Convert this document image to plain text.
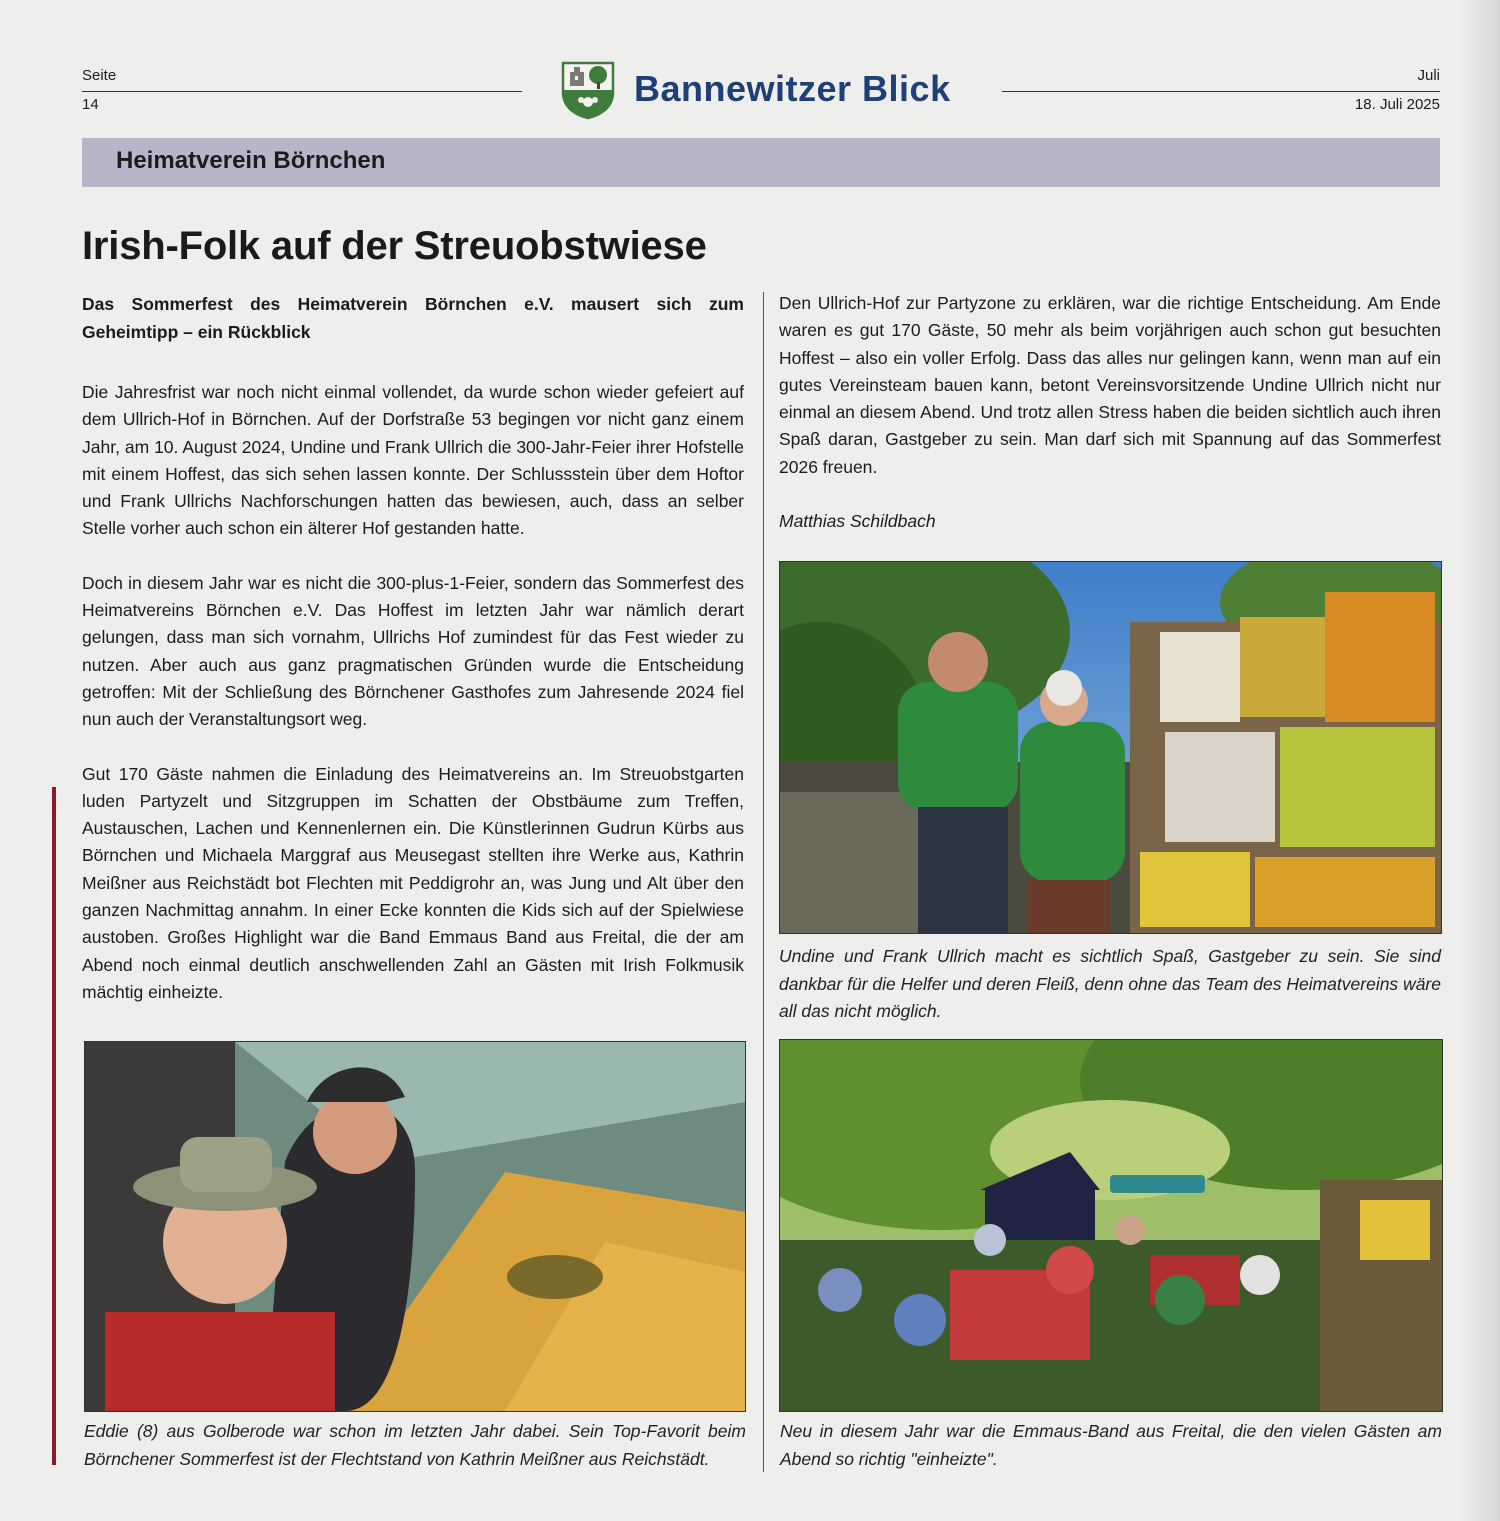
Seite
14	Bannewitzer Blick	Juli
18. Juli 2025
Heimatverein Börnchen
Irish-Folk auf der Streuobstwiese

Das Sommerfest des Heimatverein Börnchen e.V. mausert sich zum Geheimtipp – ein Rückblick

Die Jahresfrist war noch nicht einmal vollendet, da wurde schon wieder gefeiert auf dem Ullrich-Hof in Börnchen. Auf der Dorfstraße 53 begingen vor nicht ganz einem Jahr, am 10. August 2024, Undine und Frank Ullrich die 300-Jahr-Feier ihrer Hofstelle mit einem Hoffest, das sich sehen lassen konnte. Der Schlussstein über dem Hoftor und Frank Ullrichs Nachforschungen hatten das bewiesen, auch, dass an selber Stelle vorher auch schon ein älterer Hof gestanden hatte.

Doch in diesem Jahr war es nicht die 300-plus-1-Feier, sondern das Sommerfest des Heimatvereins Börnchen e.V. Das Hoffest im letzten Jahr war nämlich derart gelungen, dass man sich vornahm, Ullrichs Hof zumindest für das Fest wieder zu nutzen. Aber auch aus ganz pragmatischen Gründen wurde die Entscheidung getroffen: Mit der Schließung des Börnchener Gasthofes zum Jahresende 2024 fiel nun auch der Veranstaltungsort weg.

Gut 170 Gäste nahmen die Einladung des Heimatvereins an. Im Streuobstgarten luden Partyzelt und Sitzgruppen im Schatten der Obstbäume zum Treffen, Austauschen, Lachen und Kennenlernen ein. Die Künstlerinnen Gudrun Kürbs aus Börnchen und Michaela Marggraf aus Meusegast stellten ihre Werke aus, Kathrin Meißner aus Reichstädt bot Flechten mit Peddigrohr an, was Jung und Alt über den ganzen Nachmittag annahm. In einer Ecke konnten die Kids sich auf der Spielwiese austoben. Großes Highlight war die Band Emmaus Band aus Freital, die der am Abend noch einmal deutlich anschwellenden Zahl an Gästen mit Irish Folkmusik mächtig einheizte.

Den Ullrich-Hof zur Partyzone zu erklären, war die richtige Entscheidung. Am Ende waren es gut 170 Gäste, 50 mehr als beim vorjährigen auch schon gut besuchten Hoffest – also ein voller Erfolg. Dass das alles nur gelingen kann, wenn man auf ein gutes Vereinsteam bauen kann, betont Vereinsvorsitzende Undine Ullrich nicht nur einmal an diesem Abend. Und trotz allen Stress haben die beiden sichtlich auch ihren Spaß daran, Gastgeber zu sein. Man darf sich mit Spannung auf das Sommerfest 2026 freuen.

Matthias Schildbach

Undine und Frank Ullrich macht es sichtlich Spaß, Gastgeber zu sein. Sie sind dankbar für die Helfer und deren Fleiß, denn ohne das Team des Heimatvereins wäre all das nicht möglich.
Eddie (8) aus Golberode war schon im letzten Jahr dabei. Sein Top-Favorit beim Börnchener Sommerfest ist der Flechtstand von Kathrin Meißner aus Reichstädt.
Neu in diesem Jahr war die Emmaus-Band aus Freital, die den vielen Gästen am Abend so richtig "einheizte".
